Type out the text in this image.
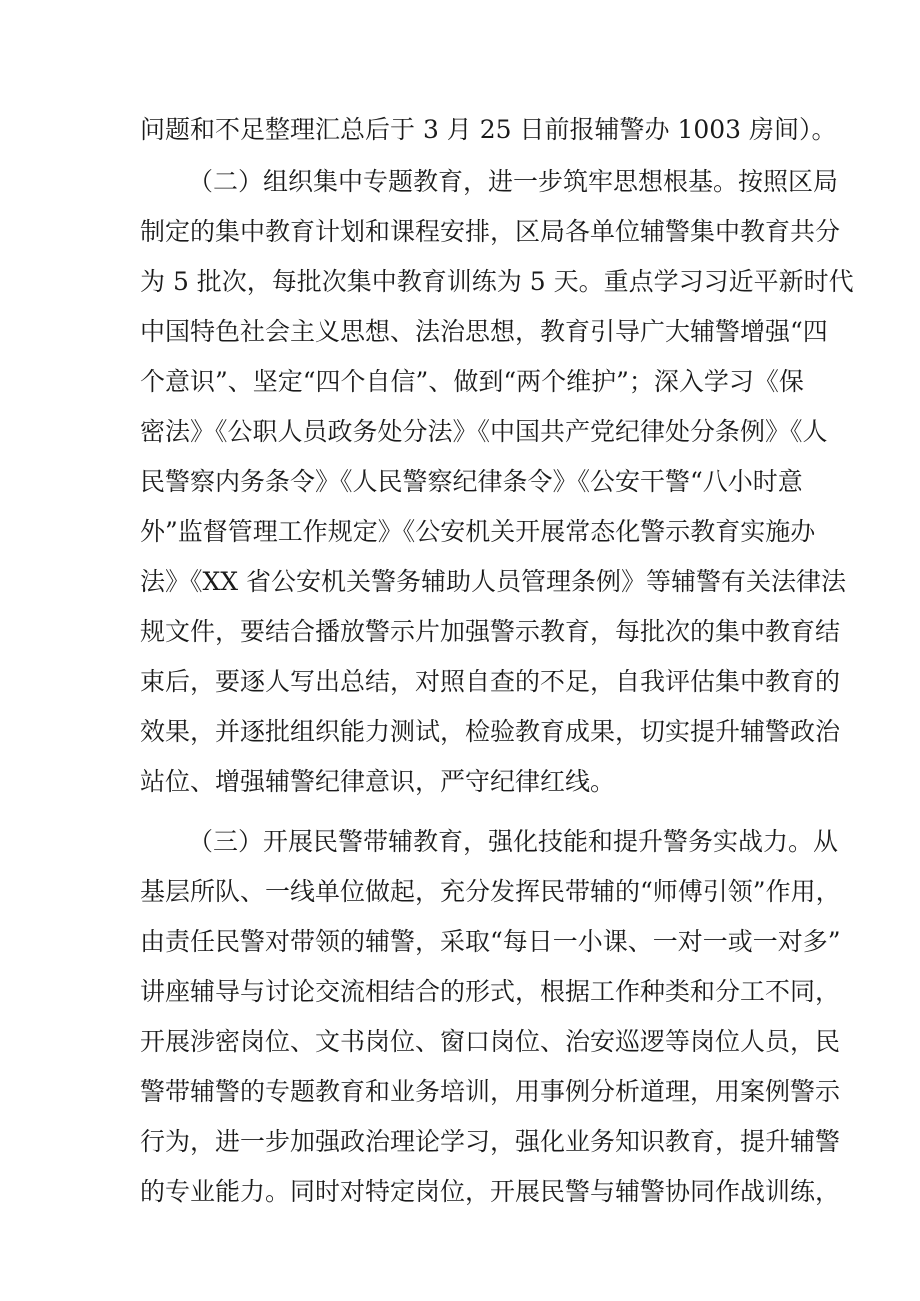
问题和不足整理汇总后于 3 月 25 日前报辅警办 1003 房间）。
（二）组织集中专题教育，进一步筑牢思想根基。按照区局
制定的集中教育计划和课程安排，区局各单位辅警集中教育共分
为 5 批次，每批次集中教育训练为 5 天。重点学习习近平新时代
中国特色社会主义思想、法治思想，教育引导广大辅警增强“四
个意识”、坚定“四个自信”、做到“两个维护”；深入学习《保
密法》《公职人员政务处分法》《中国共产党纪律处分条例》《人
民警察内务条令》《人民警察纪律条令》《公安干警“八小时意
外”监督管理工作规定》《公安机关开展常态化警示教育实施办
法》《XX 省公安机关警务辅助人员管理条例》等辅警有关法律法
规文件，要结合播放警示片加强警示教育，每批次的集中教育结
束后，要逐人写出总结，对照自查的不足，自我评估集中教育的
效果，并逐批组织能力测试，检验教育成果，切实提升辅警政治
站位、增强辅警纪律意识，严守纪律红线。
（三）开展民警带辅教育，强化技能和提升警务实战力。从
基层所队、一线单位做起，充分发挥民带辅的“师傅引领”作用，
由责任民警对带领的辅警，采取“每日一小课、一对一或一对多”
讲座辅导与讨论交流相结合的形式，根据工作种类和分工不同，
开展涉密岗位、文书岗位、窗口岗位、治安巡逻等岗位人员，民
警带辅警的专题教育和业务培训，用事例分析道理，用案例警示
行为，进一步加强政治理论学习，强化业务知识教育，提升辅警
的专业能力。同时对特定岗位，开展民警与辅警协同作战训练，
